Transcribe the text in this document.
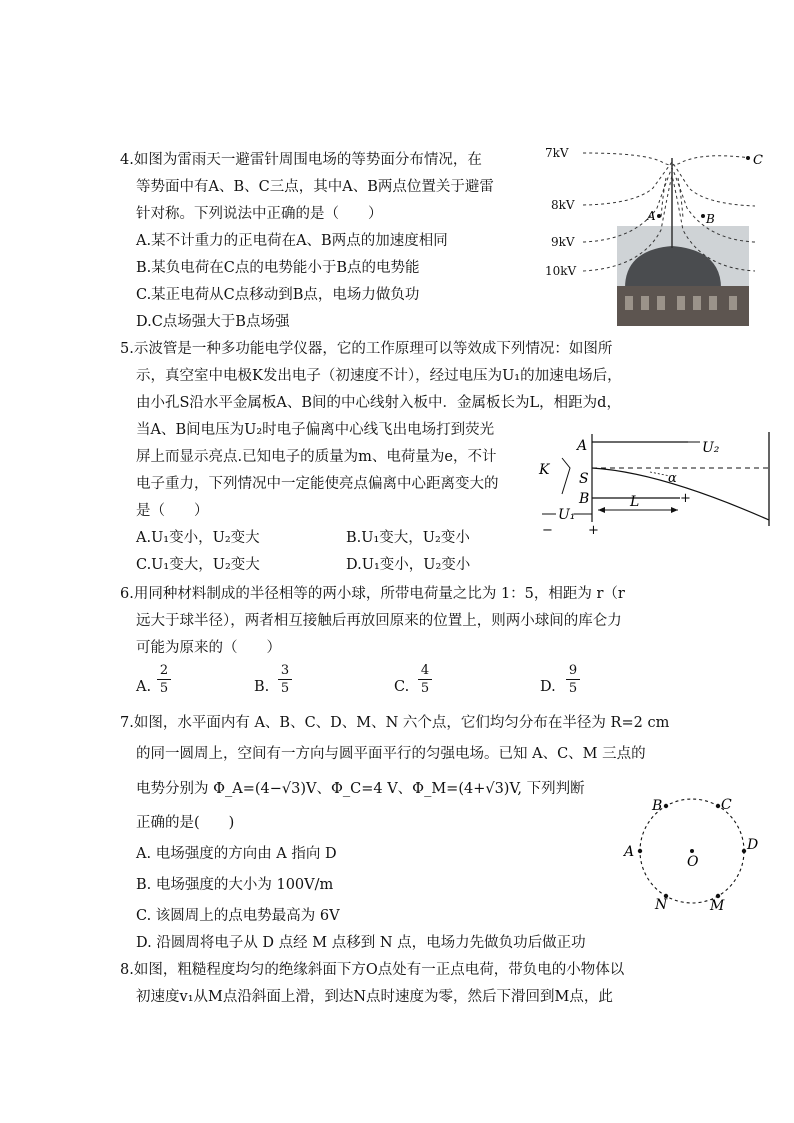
4.如图为雷雨天一避雷针周围电场的等势面分布情况，在
等势面中有A、B、C三点，其中A、B两点位置关于避雷
针对称。下列说法中正确的是（　　）
A.某不计重力的正电荷在A、B两点的加速度相同
B.某负电荷在C点的电势能小于B点的电势能
C.某正电荷从C点移动到B点，电场力做负功
D.C点场强大于B点场强
7kV
8kV
9kV
10kV
A	B
C
5.示波管是一种多功能电学仪器，它的工作原理可以等效成下列情况：如图所
示，真空室中电极K发出电子（初速度不计），经过电压为U₁的加速电场后，
由小孔S沿水平金属板A、B间的中心线射入板中．金属板长为L，相距为d，
当A、B间电压为U₂时电子偏离中心线飞出电场打到荧光
屏上而显示亮点.已知电子的质量为m、电荷量为e，不计
电子重力，下列情况中一定能使亮点偏离中心距离变大的
是（　　）
A.U₁变小，U₂变大	B.U₁变大，U₂变小
C.U₁变大，U₂变大	D.U₁变小，U₂变小
A	U₂
K
S
B
α
U₁
L
−	+
+
6.用同种材料制成的半径相等的两小球，所带电荷量之比为 1：5，相距为 r（r
远大于球半径），两者相互接触后再放回原来的位置上，则两小球间的库仑力
可能为原来的（　　）
A. $\frac{2}{5}$	B. $\frac{3}{5}$	C. $\frac{4}{5}$	D. $\frac{9}{5}$
7.如图，水平面内有 A、B、C、D、M、N 六个点，它们均匀分布在半径为 R=2 cm
的同一圆周上，空间有一方向与圆平面平行的匀强电场。已知 A、C、M 三点的
电势分别为 Φ_A=(4−√3)V、Φ_C=4 V、Φ_M=(4+√3)V, 下列判断
正确的是(　　)
A. 电场强度的方向由 A 指向 D
B. 电场强度的大小为 100V/m
C. 该圆周上的点电势最高为 6V
D. 沿圆周将电子从 D 点经 M 点移到 N 点，电场力先做负功后做正功
B	C
A	D
O
N	M
8.如图，粗糙程度均匀的绝缘斜面下方O点处有一正点电荷，带负电的小物体以
初速度v₁从M点沿斜面上滑，到达N点时速度为零，然后下滑回到M点，此
